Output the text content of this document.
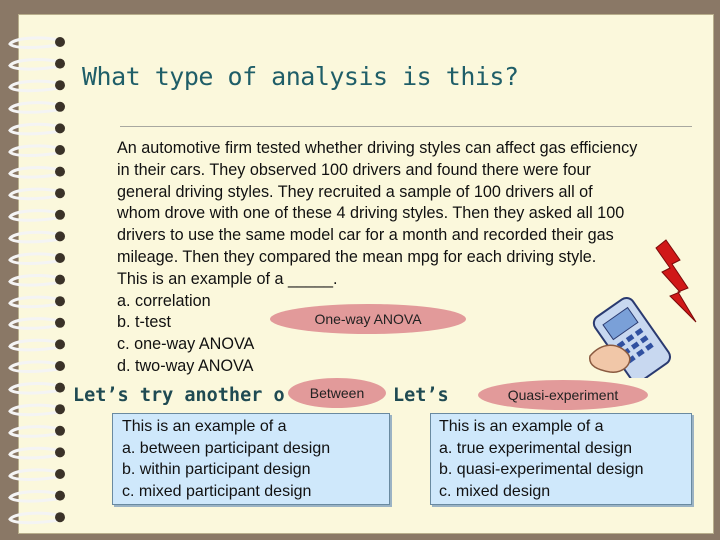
What type of analysis is this?
An automotive firm tested whether driving styles can affect gas efficiency
in their cars. They observed 100 drivers and found there were four
general driving styles. They recruited a sample of 100 drivers all of
whom drove with one of these 4 driving styles. Then they asked all 100
drivers to use the same model car for a month and recorded their gas
mileage. Then they compared the mean mpg for each driving style.
This is an example of a _____.
a. correlation
b. t-test
c. one-way ANOVA
d. two-way ANOVA
One-way ANOVA
Let’s try another o	Between	Let’s	Quasi-experiment
This is an example of a
a. between participant design
b. within participant design
c. mixed participant design
This is an example of a
a. true experimental design
b. quasi-experimental design
c. mixed design
